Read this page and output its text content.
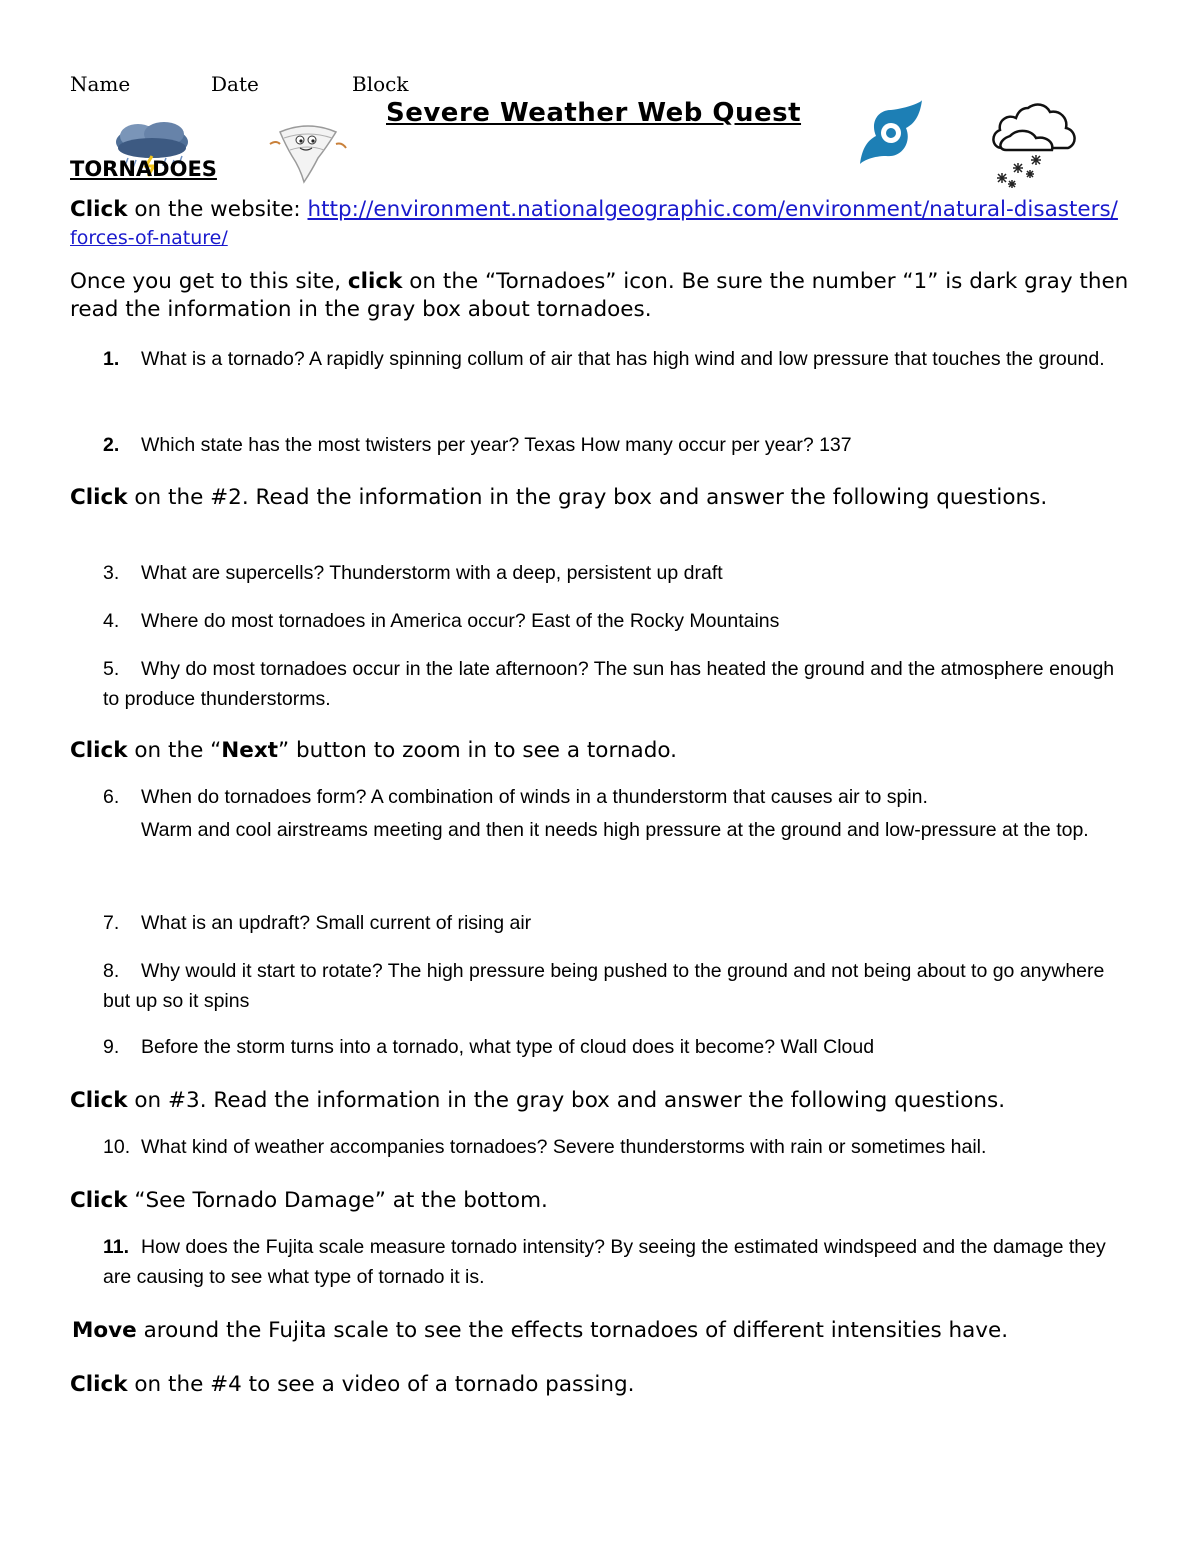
Name	Date	Block
Severe Weather Web Quest
TORNADOES
Click on the website: http://environment.nationalgeographic.com/environment/natural-disasters/
forces-of-nature/
Once you get to this site, click on the “Tornadoes” icon. Be sure the number “1” is dark gray then read the information in the gray box about tornadoes.
1. What is a tornado? A rapidly spinning collum of air that has high wind and low pressure that touches the ground.
2. Which state has the most twisters per year? Texas How many occur per year? 137
Click on the #2. Read the information in the gray box and answer the following questions.
3. What are supercells? Thunderstorm with a deep, persistent up draft
4. Where do most tornadoes in America occur? East of the Rocky Mountains
5. Why do most tornadoes occur in the late afternoon? The sun has heated the ground and the atmosphere enough to produce thunderstorms.
Click on the “Next” button to zoom in to see a tornado.
6. When do tornadoes form? A combination of winds in a thunderstorm that causes air to spin.
Warm and cool airstreams meeting and then it needs high pressure at the ground and low-pressure at the top.
7. What is an updraft? Small current of rising air
8. Why would it start to rotate? The high pressure being pushed to the ground and not being about to go anywhere but up so it spins
9. Before the storm turns into a tornado, what type of cloud does it become? Wall Cloud
Click on #3. Read the information in the gray box and answer the following questions.
10. What kind of weather accompanies tornadoes? Severe thunderstorms with rain or sometimes hail.
Click “See Tornado Damage” at the bottom.
11. How does the Fujita scale measure tornado intensity? By seeing the estimated windspeed and the damage they are causing to see what type of tornado it is.
Move around the Fujita scale to see the effects tornadoes of different intensities have.
Click on the #4 to see a video of a tornado passing.
